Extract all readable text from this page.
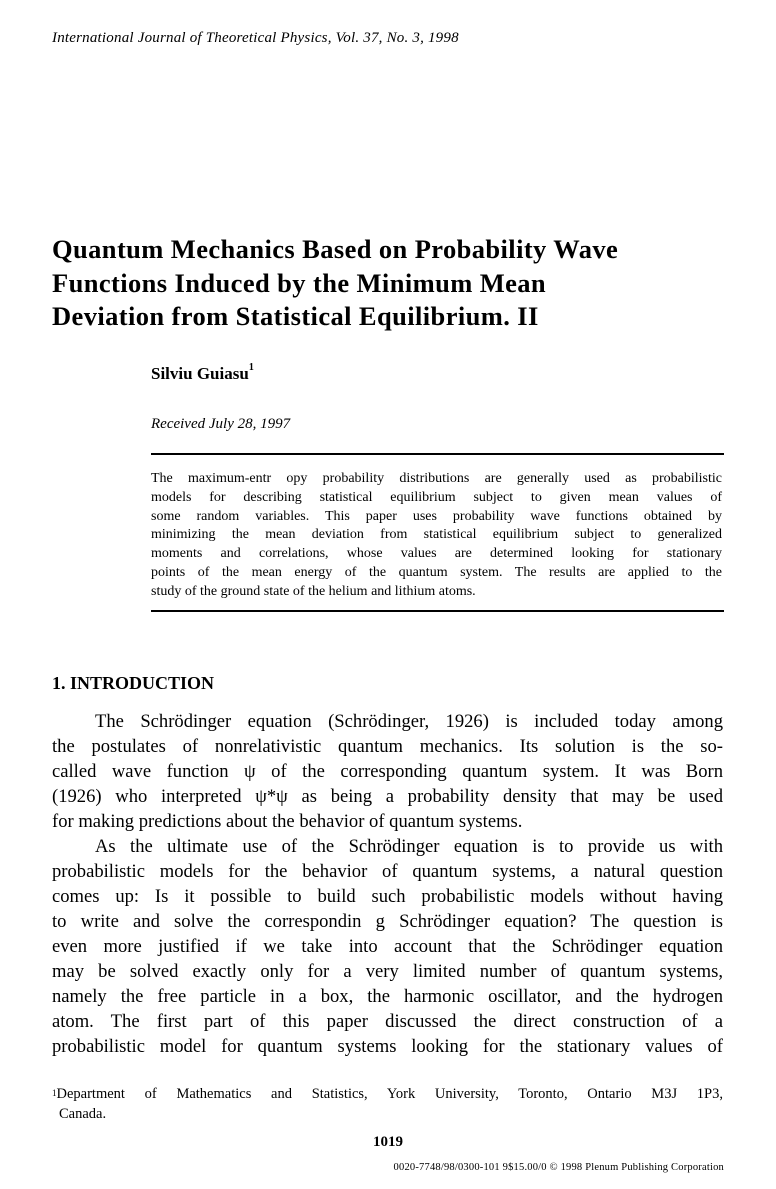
International Journal of Theoretical Physics, Vol. 37, No. 3, 1998
Quantum Mechanics Based on Probability Wave
Functions Induced by the Minimum Mean
Deviation from Statistical Equilibrium. II
Silviu Guiasu$^1$
Received July 28, 1997
The maximum-entr opy probability distributions are generally used as probabilistic
models for describing statistical equilibrium subject to given mean values of
some random variables. This paper uses probability wave functions obtained by
minimizing the mean deviation from statistical equilibrium subject to generalized
moments and correlations, whose values are determined looking for stationary
points of the mean energy of the quantum system. The results are applied to the
study of the ground state of the helium and lithium atoms.
1. INTRODUCTION
The Schrödinger equation (Schrödinger, 1926) is included today among
the postulates of nonrelativistic quantum mechanics. Its solution is the so-
called wave function ψ of the corresponding quantum system. It was Born
(1926) who interpreted ψ*ψ as being a probability density that may be used
for making predictions about the behavior of quantum systems.
As the ultimate use of the Schrödinger equation is to provide us with
probabilistic models for the behavior of quantum systems, a natural question
comes up: Is it possible to build such probabilistic models without having
to write and solve the correspondin g Schrödinger equation? The question is
even more justified if we take into account that the Schrödinger equation
may be solved exactly only for a very limited number of quantum systems,
namely the free particle in a box, the harmonic oscillator, and the hydrogen
atom. The first part of this paper discussed the direct construction of a
probabilistic model for quantum systems looking for the stationary values of
$^1$Department of Mathematics and Statistics, York University, Toronto, Ontario M3J 1P3,
Canada.
1019
0020-7748/98/0300-101 9$15.00/0 © 1998 Plenum Publishing Corporation
